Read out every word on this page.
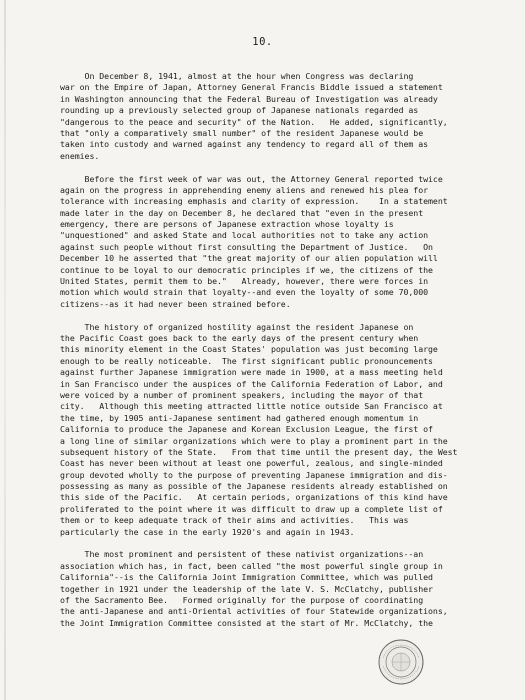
10.
On December 8, 1941, almost at the hour when Congress was declaring
war on the Empire of Japan, Attorney General Francis Biddle issued a statement
in Washington announcing that the Federal Bureau of Investigation was already
rounding up a previously selected group of Japanese nationals regarded as
"dangerous to the peace and security" of the Nation.   He added, significantly,
that "only a comparatively small number" of the resident Japanese would be
taken into custody and warned against any tendency to regard all of them as
enemies.
Before the first week of war was out, the Attorney General reported twice
again on the progress in apprehending enemy aliens and renewed his plea for
tolerance with increasing emphasis and clarity of expression.    In a statement
made later in the day on December 8, he declared that "even in the present
emergency, there are persons of Japanese extraction whose loyalty is
"unquestioned" and asked State and local authorities not to take any action
against such people without first consulting the Department of Justice.   On
December 10 he asserted that "the great majority of our alien population will
continue to be loyal to our democratic principles if we, the citizens of the
United States, permit them to be."   Already, however, there were forces in
motion which would strain that loyalty--and even the loyalty of some 70,000
citizens--as it had never been strained before.
The history of organized hostility against the resident Japanese on
the Pacific Coast goes back to the early days of the present century when
this minority element in the Coast States' population was just becoming large
enough to be really noticeable.  The first significant public pronouncements
against further Japanese immigration were made in 1900, at a mass meeting held
in San Francisco under the auspices of the California Federation of Labor, and
were voiced by a number of prominent speakers, including the mayor of that
city.   Although this meeting attracted little notice outside San Francisco at
the time, by 1905 anti-Japanese sentiment had gathered enough momentum in
California to produce the Japanese and Korean Exclusion League, the first of
a long line of similar organizations which were to play a prominent part in the
subsequent history of the State.   From that time until the present day, the West
Coast has never been without at least one powerful, zealous, and single-minded
group devoted wholly to the purpose of preventing Japanese immigration and dis-
possessing as many as possible of the Japanese residents already established on
this side of the Pacific.   At certain periods, organizations of this kind have
proliferated to the point where it was difficult to draw up a complete list of
them or to keep adequate track of their aims and activities.   This was
particularly the case in the early 1920's and again in 1943.
The most prominent and persistent of these nativist organizations--an
association which has, in fact, been called "the most powerful single group in
California"--is the California Joint Immigration Committee, which was pulled
together in 1921 under the leadership of the late V. S. McClatchy, publisher
of the Sacramento Bee.   Formed originally for the purpose of coordinating
the anti-Japanese and anti-Oriental activities of four Statewide organizations,
the Joint Immigration Committee consisted at the start of Mr. McClatchy, the
